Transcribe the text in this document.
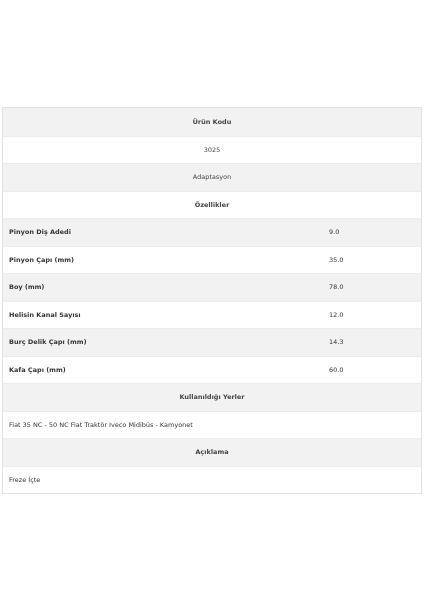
Ürün Kodu
3025
Adaptasyon
Özellikler
Pinyon Diş Adedi	9.0
Pinyon Çapı (mm)	35.0
Boy (mm)	78.0
Helisin Kanal Sayısı	12.0
Burç Delik Çapı (mm)	14.3
Kafa Çapı (mm)	60.0
Kullanıldığı Yerler
Fiat 35 NC - 50 NC Fiat Traktör Iveco Midibüs - Kamyonet
Açıklama
Freze İçte
